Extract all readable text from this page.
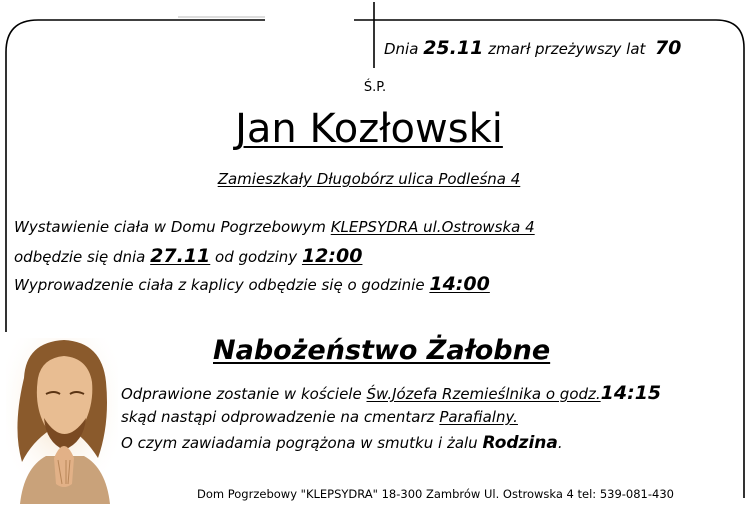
Dnia 25.11 zmarł przeżywszy lat 70
Ś.P.
Jan Kozłowski
Zamieszkały Długobórz ulica Podleśna 4
Wystawienie ciała w Domu Pogrzebowym KLEPSYDRA ul.Ostrowska 4
odbędzie się dnia 27.11 od godziny 12:00
Wyprowadzenie ciała z kaplicy odbędzie się o godzinie 14:00
Nabożeństwo Żałobne
Odprawione zostanie w kościele Św.Józefa Rzemieślnika o godz.14:15
skąd nastąpi odprowadzenie na cmentarz Parafialny.
O czym zawiadamia pogrążona w smutku i żalu Rodzina.
Dom Pogrzebowy "KLEPSYDRA" 18-300 Zambrów Ul. Ostrowska 4 tel: 539-081-430
